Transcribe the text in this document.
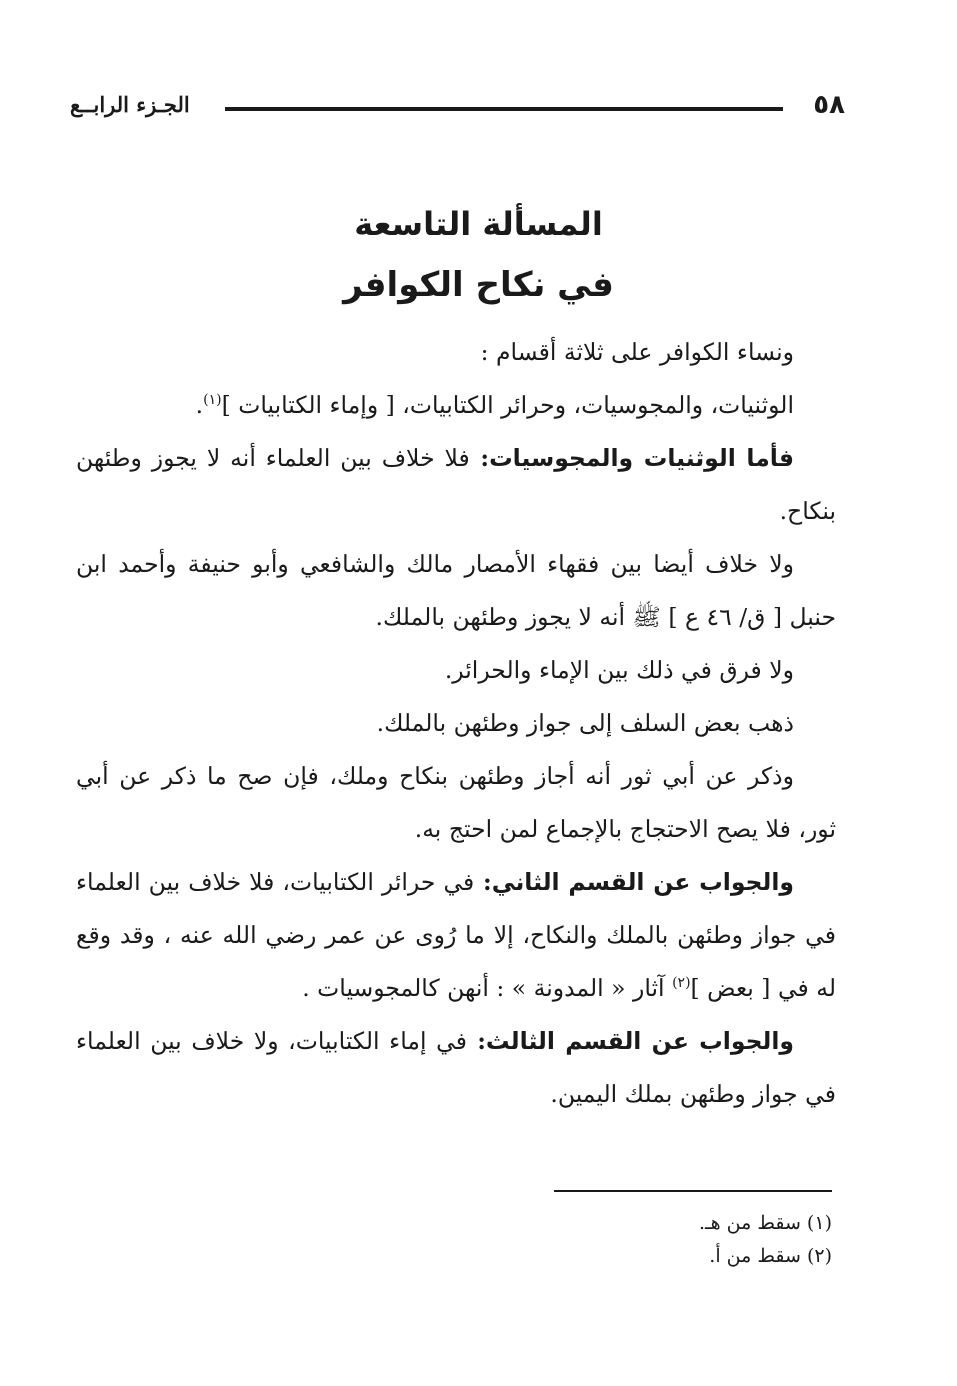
٥٨
الجـزء الرابــع
المسألة التاسعة
في نكاح الكوافر

ونساء الكوافر على ثلاثة أقسام :

الوثنيات، والمجوسيات، وحرائر الكتابيات، [ وإماء الكتابيات ]$^{(١)}$.

فأما الوثنيات والمجوسيات: فلا خلاف بين العلماء أنه لا يجوز وطئهن بنكاح.

ولا خلاف أيضا بين فقهاء الأمصار مالك والشافعي وأبو حنيفة وأحمد ابن حنبل [ ق/ ٤٦ ع ] ﷺ أنه لا يجوز وطئهن بالملك.

ولا فرق في ذلك بين الإماء والحرائر.

ذهب بعض السلف إلى جواز وطئهن بالملك.

وذكر عن أبي ثور أنه أجاز وطئهن بنكاح وملك، فإن صح ما ذكر عن أبي ثور، فلا يصح الاحتجاج بالإجماع لمن احتج به.

والجواب عن القسم الثاني: في حرائر الكتابيات، فلا خلاف بين العلماء في جواز وطئهن بالملك والنكاح، إلا ما رُوى عن عمر رضي الله عنه ، وقد وقع له في [ بعض ]$^{(٢)}$ آثار « المدونة » : أنهن كالمجوسيات .

والجواب عن القسم الثالث: في إماء الكتابيات، ولا خلاف بين العلماء في جواز وطئهن بملك اليمين.

(١) سقط من هـ.

(٢) سقط من أ.
